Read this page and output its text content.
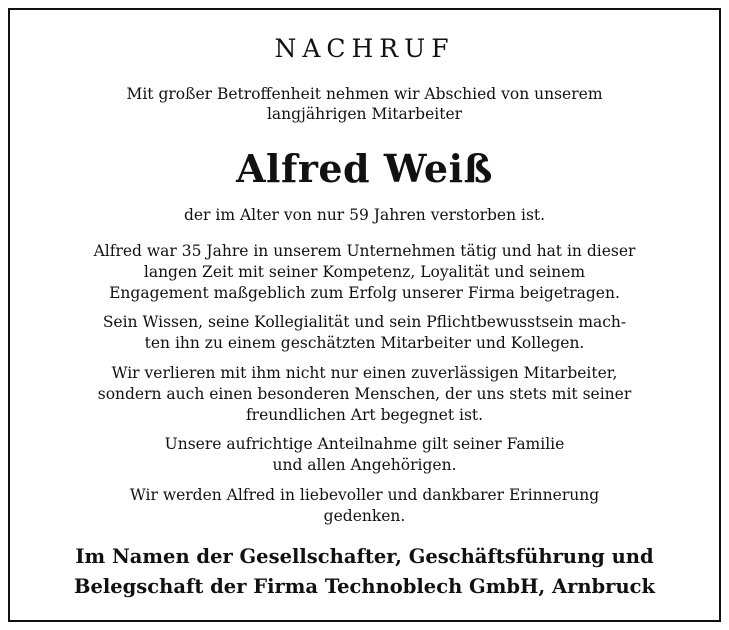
NACHRUF

Mit großer Betroffenheit nehmen wir Abschied von unserem

langjährigen Mitarbeiter

Alfred Weiß

der im Alter von nur 59 Jahren verstorben ist.

Alfred war 35 Jahre in unserem Unternehmen tätig und hat in dieser

langen Zeit mit seiner Kompetenz, Loyalität und seinem

Engagement maßgeblich zum Erfolg unserer Firma beigetragen.

Sein Wissen, seine Kollegialität und sein Pflichtbewusstsein mach-

ten ihn zu einem geschätzten Mitarbeiter und Kollegen.

Wir verlieren mit ihm nicht nur einen zuverlässigen Mitarbeiter,

sondern auch einen besonderen Menschen, der uns stets mit seiner

freundlichen Art begegnet ist.

Unsere aufrichtige Anteilnahme gilt seiner Familie

und allen Angehörigen.

Wir werden Alfred in liebevoller und dankbarer Erinnerung

gedenken.

Im Namen der Gesellschafter, Geschäftsführung und

Belegschaft der Firma Technoblech GmbH, Arnbruck
